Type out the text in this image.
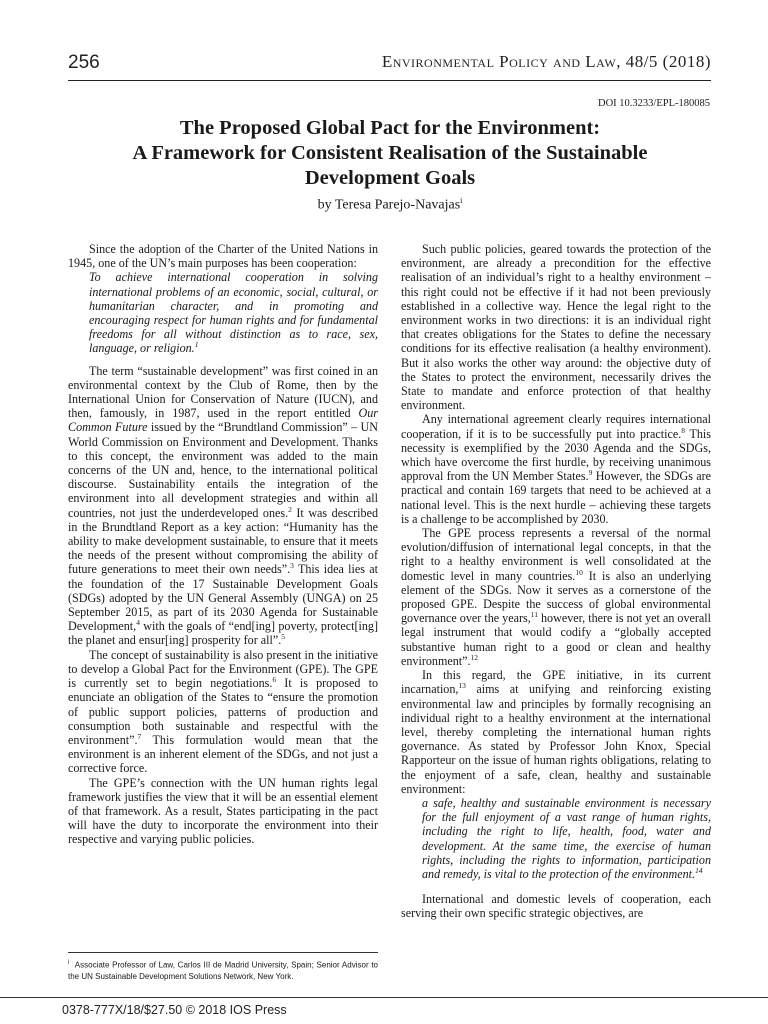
256	Environmental Policy and Law, 48/5 (2018)
DOI 10.3233/EPL-180085
The Proposed Global Pact for the Environment:
A Framework for Consistent Realisation of the Sustainable
Development Goals
by Teresa Parejo-Navajas$^i$

Since the adoption of the Charter of the United Nations in 1945, one of the UN’s main purposes has been cooperation:

To achieve international cooperation in solving international problems of an economic, social, cultural, or humanitarian character, and in promoting and encouraging respect for human rights and for fundamental freedoms for all without distinction as to race, sex, language, or religion.$^1$

The term “sustainable development” was first coined in an environmental context by the Club of Rome, then by the International Union for Conservation of Nature (IUCN), and then, famously, in 1987, used in the report entitled Our Common Future issued by the “Brundtland Commission” – UN World Commission on Environment and Development. Thanks to this concept, the environment was added to the main concerns of the UN and, hence, to the international political discourse. Sustainability entails the integration of the environment into all development strategies and within all countries, not just the underdeveloped ones.$^2$ It was described in the Brundtland Report as a key action: “Humanity has the ability to make development sustainable, to ensure that it meets the needs of the present without compromising the ability of future generations to meet their own needs”.$^3$ This idea lies at the foundation of the 17 Sustainable Development Goals (SDGs) adopted by the UN General Assembly (UNGA) on 25 September 2015, as part of its 2030 Agenda for Sustainable Development,$^4$ with the goals of “end[ing] poverty, protect[ing] the planet and ensur[ing] prosperity for all”.$^5$

The concept of sustainability is also present in the initiative to develop a Global Pact for the Environment (GPE). The GPE is currently set to begin negotiations.$^6$ It is proposed to enunciate an obligation of the States to “ensure the promotion of public support policies, patterns of production and consumption both sustainable and respectful with the environment”.$^7$ This formulation would mean that the environment is an inherent element of the SDGs, and not just a corrective force.

The GPE’s connection with the UN human rights legal framework justifies the view that it will be an essential element of that framework. As a result, States participating in the pact will have the duty to incorporate the environment into their respective and varying public policies.

Such public policies, geared towards the protection of the environment, are already a precondition for the effective realisation of an individual’s right to a healthy environment – this right could not be effective if it had not been previously established in a collective way. Hence the legal right to the environment works in two directions: it is an individual right that creates obligations for the States to define the necessary conditions for its effective realisation (a healthy environment). But it also works the other way around: the objective duty of the States to protect the environment, necessarily drives the State to mandate and enforce protection of that healthy environment.

Any international agreement clearly requires international cooperation, if it is to be successfully put into practice.$^8$ This necessity is exemplified by the 2030 Agenda and the SDGs, which have overcome the first hurdle, by receiving unanimous approval from the UN Member States.$^9$ However, the SDGs are practical and contain 169 targets that need to be achieved at a national level. This is the next hurdle – achieving these targets is a challenge to be accomplished by 2030.

The GPE process represents a reversal of the normal evolution/diffusion of international legal concepts, in that the right to a healthy environment is well consolidated at the domestic level in many countries.$^{10}$ It is also an underlying element of the SDGs. Now it serves as a cornerstone of the proposed GPE. Despite the success of global environmental governance over the years,$^{11}$ however, there is not yet an overall legal instrument that would codify a “globally accepted substantive human right to a good or clean and healthy environment”.$^{12}$

In this regard, the GPE initiative, in its current incarnation,$^{13}$ aims at unifying and reinforcing existing environmental law and principles by formally recognising an individual right to a healthy environment at the international level, thereby completing the international human rights governance. As stated by Professor John Knox, Special Rapporteur on the issue of human rights obligations, relating to the enjoyment of a safe, clean, healthy and sustainable environment:

a safe, healthy and sustainable environment is necessary for the full enjoyment of a vast range of human rights, including the right to life, health, food, water and development. At the same time, the exercise of human rights, including the rights to information, participation and remedy, is vital to the protection of the environment.$^{14}$

International and domestic levels of cooperation, each serving their own specific strategic objectives, are

$^i$ Associate Professor of Law, Carlos III de Madrid University, Spain; Senior Advisor to the UN Sustainable Development Solutions Network, New York.
0378-777X/18/$27.50 © 2018 IOS Press
